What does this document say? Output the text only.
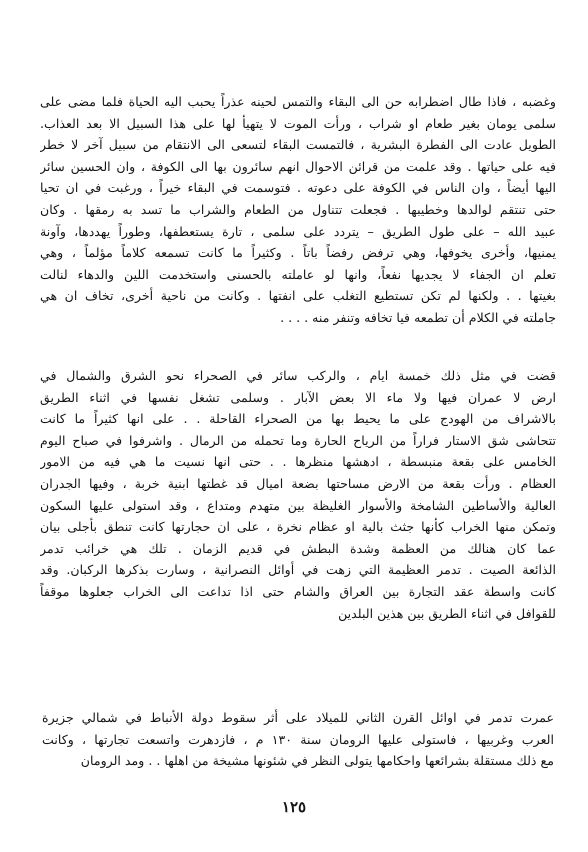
وغضبه ، فاذا طال اضطرابه حن الى البقاء والتمس لحينه عذراً يحبب اليه الحياة فلما مضى على
سلمى يومان بغير طعام او شراب ، ورأت الموت لا يتهيأ لها على هذا السبيل الا بعد العذاب.
الطويل عادت الى الفطرة البشرية ، فالتمست البقاء لتسعى الى الانتقام من سبيل آخر لا خطر
فيه على حياتها . وقد علمت من قرائن الاحوال انهم سائرون بها الى الكوفة ، وان الحسين سائر
اليها أيضاً ، وان الناس في الكوفة على دعوته . فتوسمت في البقاء خيراً ، ورغبت في ان تحيا
حتى تنتقم لوالدها وخطيبها . فجعلت تتناول من الطعام والشراب ما تسد به رمقها . وكان
عبيد الله – على طول الطريق – يتردد على سلمى ، تارة يستعطفها، وطوراً يهددها، وآونة
يمنيها، وأخرى يخوفها، وهي ترفض رفضاً باتاً . وكثيراً ما كانت تسمعه كلاماً مؤلماً ، وهي
تعلم ان الجفاء لا يجديها نفعاً، وانها لو عاملته بالحسنى واستخدمت اللين والدهاء لنالت
بغيتها . . ولكنها لم تكن تستطيع التغلب على انفتها . وكانت من ناحية أخرى، تخاف ان هي
جاملته في الكلام أن تطمعه فيا تخافه وتنفر منه . . . .
قضت في مثل ذلك خمسة ايام ، والركب سائر في الصحراء نحو الشرق والشمال في
ارض لا عمران فيها ولا ماء الا بعض الآبار . وسلمى تشغل نفسها في اثناء الطريق
بالاشراف من الهودج على ما يحيط بها من الصحراء القاحلة . . على انها كثيراً ما كانت
تتحاشى شق الاستار فراراً من الرياح الحارة وما تحمله من الرمال . واشرفوا في صباح اليوم
الخامس على بقعة منبسطة ، ادهشها منظرها . . حتى انها نسيت ما هي فيه من الامور
العظام . ورأت بقعة من الارض مساحتها بضعة اميال قد غطتها ابنية خربة ، وفيها الجدران
العالية والأساطين الشامخة والأسوار الغليظة بين متهدم ومتداع ، وقد استولى عليها السكون
وتمكن منها الخراب كأنها جثث بالية او عظام نخرة ، على ان حجارتها كانت تنطق بأجلى بيان
عما كان هنالك من العظمة وشدة البطش في قديم الزمان . تلك هي خرائب تدمر
الذائعة الصيت . تدمر العظيمة التي زهت في أوائل النصرانية ، وسارت بذكرها الركبان. وقد
كانت واسطة عقد التجارة بين العراق والشام حتى اذا تداعت الى الخراب جعلوها موقفاً
للقوافل في اثناء الطريق بين هذين البلدين
عمرت تدمر في اوائل القرن الثاني للميلاد على أثر سقوط دولة الأنباط في شمالي جزيرة
العرب وغربيها ، فاستولى عليها الرومان سنة ١٣٠ م ، فازدهرت واتسعت تجارتها ، وكانت
مع ذلك مستقلة بشرائعها واحكامها يتولى النظر في شئونها مشيخة من اهلها . . ومد الرومان
١٢٥
